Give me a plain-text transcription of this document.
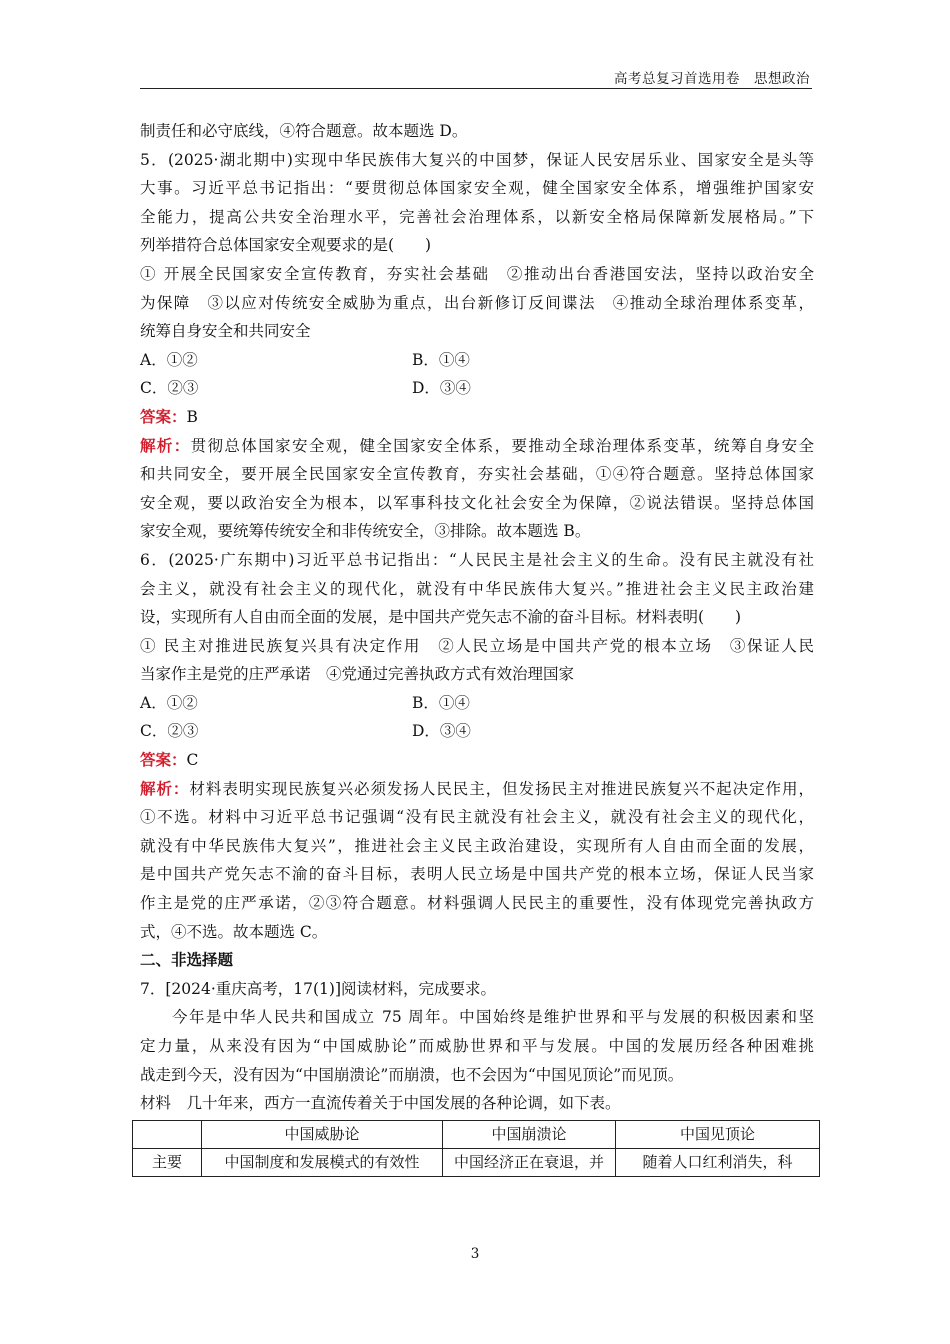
高考总复习首选用卷　思想政治
制责任和必守底线，④符合题意。故本题选 D。
5．(2025·湖北期中)实现中华民族伟大复兴的中国梦，保证人民安居乐业、国家安全是头等
大事。习近平总书记指出：“要贯彻总体国家安全观，健全国家安全体系，增强维护国家安
全能力，提高公共安全治理水平，完善社会治理体系，以新安全格局保障新发展格局。”下
列举措符合总体国家安全观要求的是(　　)
① 开展全民国家安全宣传教育，夯实社会基础　②推动出台香港国安法，坚持以政治安全
为保障　③以应对传统安全威胁为重点，出台新修订反间谍法　④推动全球治理体系变革，
统筹自身安全和共同安全
A．①②	B．①④
C．②③	D．③④
答案：B
解析：贯彻总体国家安全观，健全国家安全体系，要推动全球治理体系变革，统筹自身安全
和共同安全，要开展全民国家安全宣传教育，夯实社会基础，①④符合题意。坚持总体国家
安全观，要以政治安全为根本，以军事科技文化社会安全为保障，②说法错误。坚持总体国
家安全观，要统筹传统安全和非传统安全，③排除。故本题选 B。
6．(2025·广东期中)习近平总书记指出：“人民民主是社会主义的生命。没有民主就没有社
会主义，就没有社会主义的现代化，就没有中华民族伟大复兴。”推进社会主义民主政治建
设，实现所有人自由而全面的发展，是中国共产党矢志不渝的奋斗目标。材料表明(　　)
① 民主对推进民族复兴具有决定作用　②人民立场是中国共产党的根本立场　③保证人民
当家作主是党的庄严承诺　④党通过完善执政方式有效治理国家
A．①②	B．①④
C．②③	D．③④
答案：C
解析：材料表明实现民族复兴必须发扬人民民主，但发扬民主对推进民族复兴不起决定作用，
①不选。材料中习近平总书记强调“没有民主就没有社会主义，就没有社会主义的现代化，
就没有中华民族伟大复兴”，推进社会主义民主政治建设，实现所有人自由而全面的发展，
是中国共产党矢志不渝的奋斗目标，表明人民立场是中国共产党的根本立场，保证人民当家
作主是党的庄严承诺，②③符合题意。材料强调人民民主的重要性，没有体现党完善执政方
式，④不选。故本题选 C。
二、非选择题
7．[2024·重庆高考，17(1)]阅读材料，完成要求。
今年是中华人民共和国成立 75 周年。中国始终是维护世界和平与发展的积极因素和坚
定力量，从来没有因为“中国威胁论”而威胁世界和平与发展。中国的发展历经各种困难挑
战走到今天，没有因为“中国崩溃论”而崩溃，也不会因为“中国见顶论”而见顶。
材料　几十年来，西方一直流传着关于中国发展的各种论调，如下表。
	中国威胁论	中国崩溃论	中国见顶论
主要	中国制度和发展模式的有效性	中国经济正在衰退，并	随着人口红利消失，科
3
